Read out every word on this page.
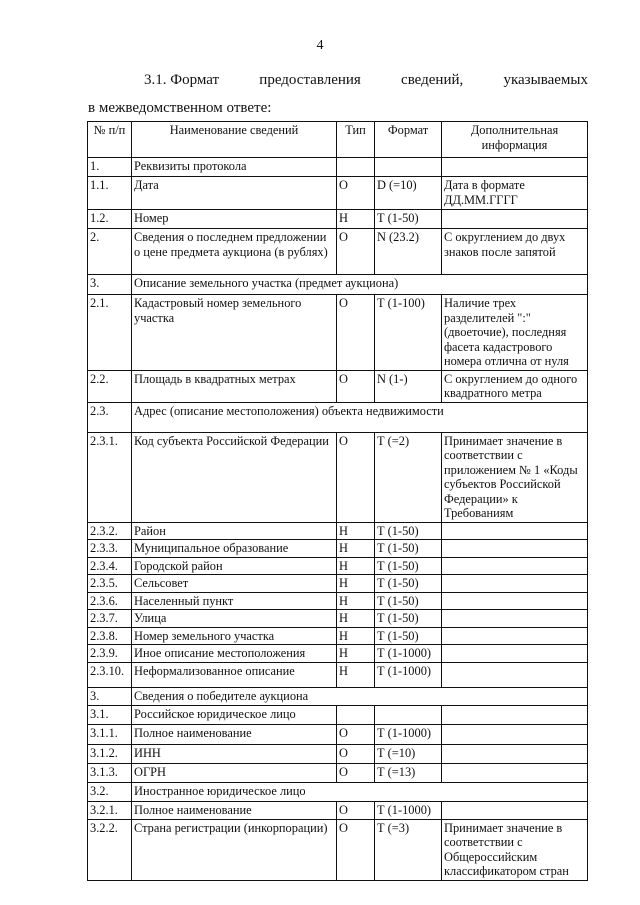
4
3.1. Формат	предоставления	сведений,	указываемых
в межведомственном ответе:
№ п/п	Наименование сведений	Тип	Формат	Дополнительная информация
1.	Реквизиты протокола			
1.1.	Дата	О	D (=10)	Дата в формате ДД.ММ.ГГГГ
1.2.	Номер	Н	Т (1-50)	
2.	Сведения о последнем предложении о цене предмета аукциона (в рублях)	О	N (23.2)	С округлением до двух знаков после запятой
3.	Описание земельного участка (предмет аукциона)			
2.1.	Кадастровый номер земельного участка	О	Т (1-100)	Наличие трех разделителей ":" (двоеточие), последняя фасета кадастрового номера отлична от нуля
2.2.	Площадь в квадратных метрах	О	N (1-)	С округлением до одного квадратного метра
2.3.	Адрес (описание местоположения) объекта недвижимости			
2.3.1.	Код субъекта Российской Федерации	О	Т (=2)	Принимает значение в соответствии с приложением № 1 «Коды субъектов Российской Федерации» к Требованиям
2.3.2.	Район	Н	Т (1-50)	
2.3.3.	Муниципальное образование	Н	Т (1-50)	
2.3.4.	Городской район	Н	Т (1-50)	
2.3.5.	Сельсовет	Н	Т (1-50)	
2.3.6.	Населенный пункт	Н	Т (1-50)	
2.3.7.	Улица	Н	Т (1-50)	
2.3.8.	Номер земельного участка	Н	Т (1-50)	
2.3.9.	Иное описание местоположения	Н	Т (1-1000)	
2.3.10.	Неформализованное описание	Н	Т (1-1000)	
3.	Сведения о победителе аукциона			
3.1.	Российское юридическое лицо			
3.1.1.	Полное наименование	О	Т (1-1000)	
3.1.2.	ИНН	О	Т (=10)	
3.1.3.	ОГРН	О	Т (=13)	
3.2.	Иностранное юридическое лицо			
3.2.1.	Полное наименование	О	Т (1-1000)	
3.2.2.	Страна регистрации (инкорпорации)	О	Т (=3)	Принимает значение в соответствии с Общероссийским классификатором стран
